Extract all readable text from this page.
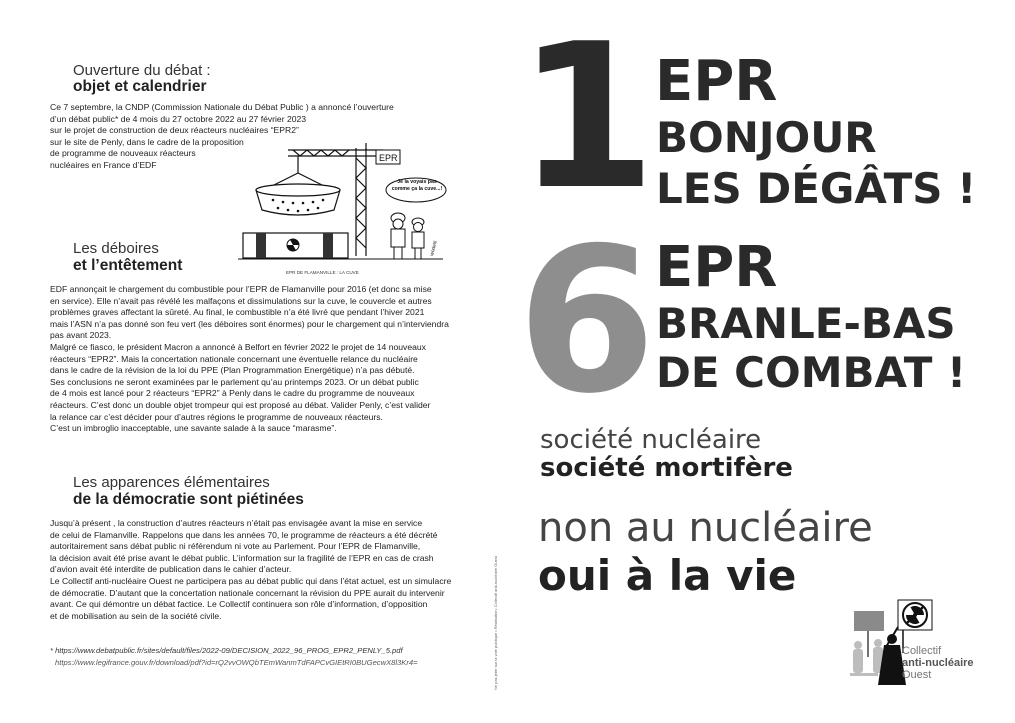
Ouverture du débat :
objet et calendrier

Ce 7 septembre, la CNDP (Commission Nationale du Débat Public ) a annoncé l’ouverture

d’un débat public* de 4 mois du 27 octobre 2022 au 27 février 2023

sur le projet de construction de deux réacteurs nucléaires “EPR2”

sur le site de Penly, dans le cadre de la proposition

de programme de nouveaux réacteurs

nucléaires en France d’EDF

EPR
Je la voyais pas comme ça la cuve...!
wodelli
EPR DE FLAMANVILLE : LA CUVE
Les déboires
et l’entêtement

EDF annonçait le chargement du combustible pour l’EPR de Flamanville pour 2016 (et donc sa mise

en service). Elle n’avait pas révélé les malfaçons et dissimulations sur la cuve, le couvercle et autres

problèmes graves affectant la sûreté. Au final, le combustible n’a été livré que pendant l’hiver 2021

mais l’ASN n’a pas donné son feu vert (les déboires sont énormes) pour le chargement qui n’interviendra

pas avant 2023.

Malgré ce fiasco, le président Macron a annoncé à Belfort en février 2022 le projet de 14 nouveaux

réacteurs “EPR2”. Mais la concertation nationale concernant une éventuelle relance du nucléaire

dans le cadre de la révision de la loi du PPE (Plan Programmation Energétique) n’a pas débuté.

Ses conclusions ne seront examinées par le parlement qu’au printemps 2023. Or un débat public

de 4 mois est lancé pour 2 réacteurs “EPR2” à Penly dans le cadre du programme de nouveaux

réacteurs. C’est donc un double objet trompeur qui est proposé au débat. Valider Penly, c’est valider

la relance car c’est décider pour d’autres régions le programme de nouveaux réacteurs.

C’est un imbroglio inacceptable, une savante salade à la sauce “marasme”.

Les apparences élémentaires
de la démocratie sont piétinées

Jusqu’à présent , la construction d’autres réacteurs n’était pas envisagée avant la mise en service

de celui de Flamanville. Rappelons que dans les années 70, le programme de réacteurs a été décrété

autoritairement sans débat public ni référendum ni vote au Parlement. Pour l’EPR de Flamanville,

la décision avait été prise avant le débat public. L’information sur la fragilité de l’EPR en cas de crash

d’avion avait été interdite de publication dans le cahier d’acteur.

Le Collectif anti-nucléaire Ouest ne participera pas au débat public qui dans l’état actuel, est un simulacre

de démocratie. D’autant que la concertation nationale concernant la révision du PPE aurait du intervenir

avant. Ce qui démontre un débat factice. Le Collectif continuera son rôle d’information, d’opposition

et de mobilisation au sein de la société civile.

* https://www.debatpublic.fr/sites/default/files/2022-09/DECISION_2022_96_PROG_EPR2_PENLY_5.pdf
https://www.legifrance.gouv.fr/download/pdf?id=rQ2vvOWQbTEmWanmTdFAPCvGIEtRI0BUGecwX8l3Kr4=	Ne pas jeter sur la voie publique • Réalisation: Collectif anti-nucléaire Ouest
1 EPR
BONJOUR
LES DÉGÂTS !
6 EPR
BRANLE-BAS
DE COMBAT !
société nucléaire
société mortifère
non au nucléaire
oui à la vie
Collectif
anti-nucléaire
Ouest
